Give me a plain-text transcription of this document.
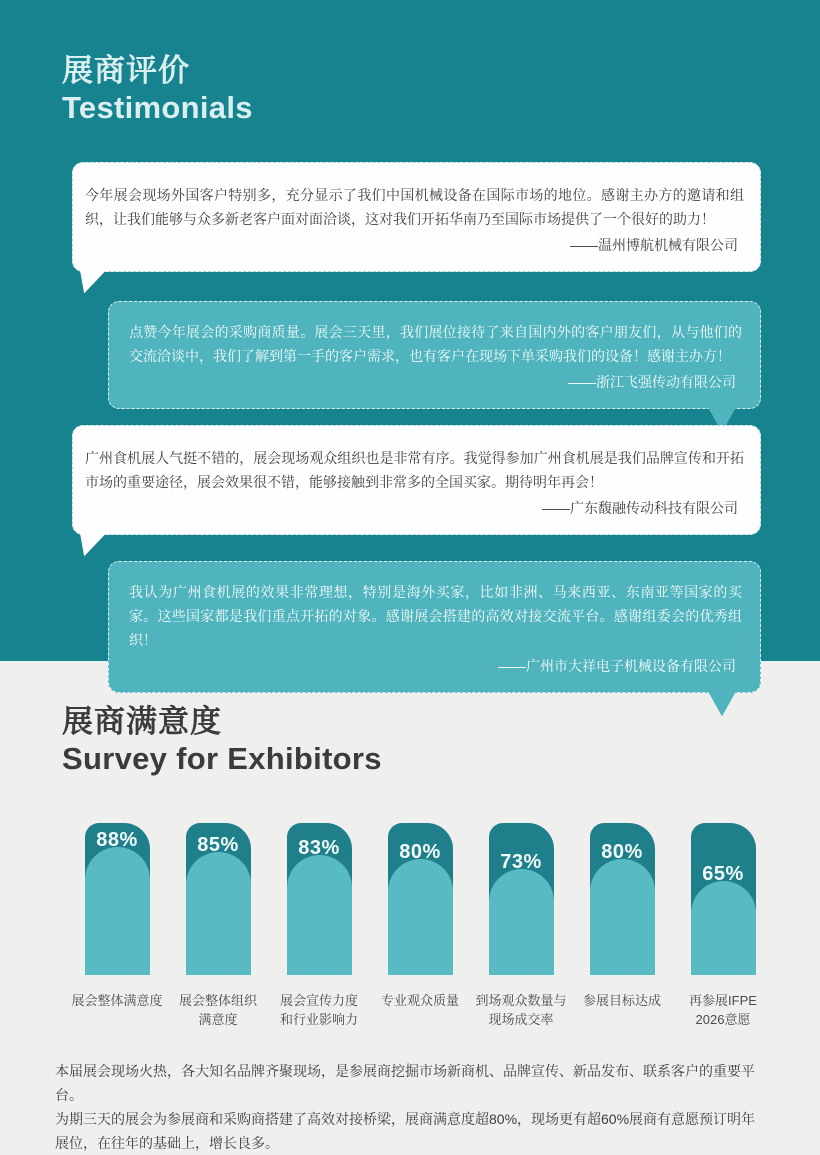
展商评价
Testimonials

今年展会现场外国客户特别多，充分显示了我们中国机械设备在国际市场的地位。感谢主办方的邀请和组织，让我们能够与众多新老客户面对面洽谈，这对我们开拓华南乃至国际市场提供了一个很好的助力！

——温州博航机械有限公司

点赞今年展会的采购商质量。展会三天里，我们展位接待了来自国内外的客户朋友们，从与他们的交流洽谈中，我们了解到第一手的客户需求，也有客户在现场下单采购我们的设备！感谢主办方！

——浙江飞强传动有限公司

广州食机展人气挺不错的，展会现场观众组织也是非常有序。我觉得参加广州食机展是我们品牌宣传和开拓市场的重要途径，展会效果很不错，能够接触到非常多的全国买家。期待明年再会！

——广东馥融传动科技有限公司

我认为广州食机展的效果非常理想，特别是海外买家，比如非洲、马来西亚、东南亚等国家的买家。这些国家都是我们重点开拓的对象。感谢展会搭建的高效对接交流平台。感谢组委会的优秀组织！

——广州市大祥电子机械设备有限公司
展商满意度
Survey for Exhibitors
88%
展会整体满意度
85%
展会整体组织
满意度
83%
展会宣传力度
和行业影响力
80%
专业观众质量
73%
到场观众数量与
现场成交率
80%
参展目标达成
65%
再参展IFPE
2026意愿

本届展会现场火热，各大知名品牌齐聚现场，是参展商挖掘市场新商机、品牌宣传、新品发布、联系客户的重要平台。

为期三天的展会为参展商和采购商搭建了高效对接桥梁，展商满意度超80%，现场更有超60%展商有意愿预订明年展位，在往年的基础上，增长良多。
